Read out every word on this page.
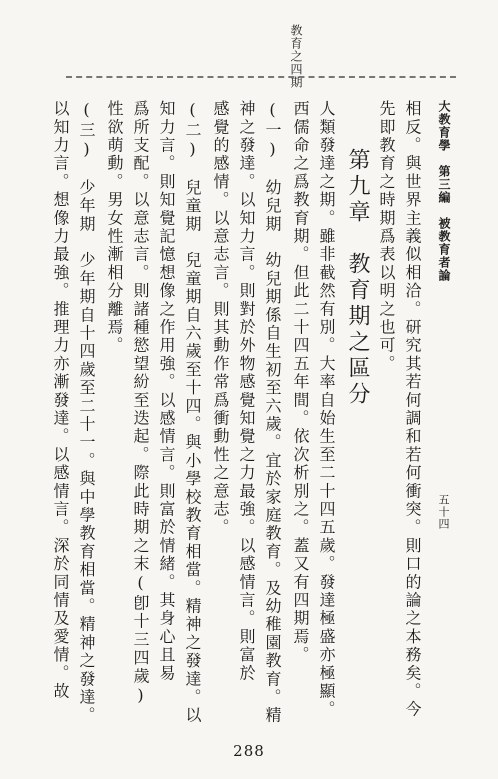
教育之四期
大教育學　第三編　被教育者論
五十四
相反。與世界主義似相洽。研究其若何調和若何衝突。則口的論之本務矣。今
先即教育之時期爲表以明之也可。
第九章　教育期之區分
人類發達之期。雖非截然有別。大率自始生至二十四五歲。發達極盛亦極顯。
西儒命之爲教育期。但此二十四五年間。依次析別之。蓋又有四期焉。
(一)　幼兒期　幼兒期係自生初至六歲。宜於家庭教育。及幼稚園教育。精
神之發達。以知力言。則對於外物感覺知覺之力最強。以感情言。則富於
感覺的感情。以意志言。則其動作常爲衝動性之意志。
(二)　兒童期　兒童期自六歲至十四。與小學校教育相當。精神之發達。以
知力言。則知覺記憶想像之作用強。以感情言。則富於情緒。其身心且易
爲所支配。以意志言。則諸種慾望紛至迭起。際此時期之末(卽十三四歲)
性欲萌動。男女性漸相分離焉。
(三)　少年期　少年期自十四歲至二十一。與中學教育相當。精神之發達。
以知力言。想像力最強。推理力亦漸發達。以感情言。深於同情及愛情。故
288
